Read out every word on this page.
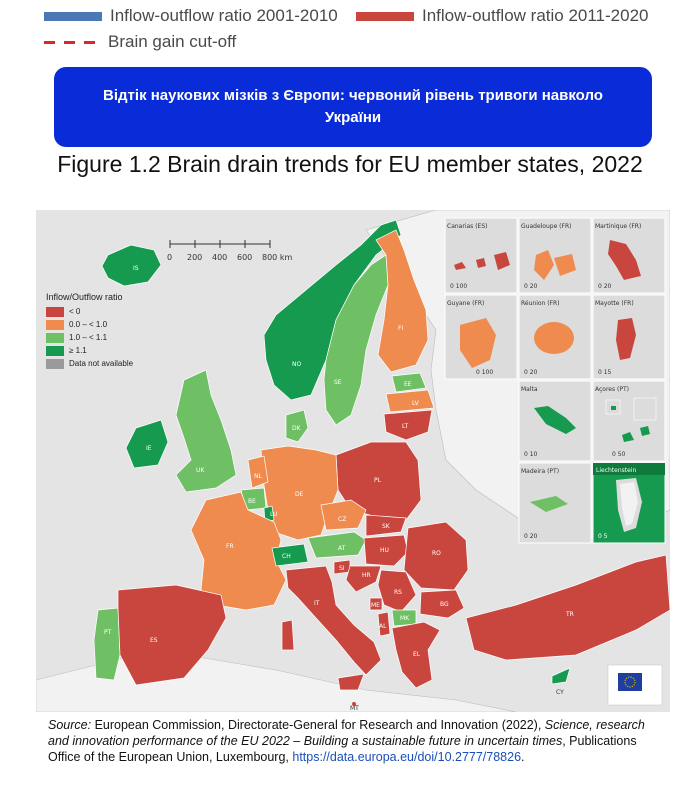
Inflow-outflow ratio 2001-2010	Inflow-outflow ratio 2011-2020
Brain gain cut-off
Відтік наукових мізків з Європи: червоний рівень тривоги навколо України
Figure 1.2 Brain drain trends for EU member states, 2022
IS
NO
SE
FI
EE
LV
LT
DK
IE
UK
PL
DE
NL
BE
LU
CZ
SK
FR
CH
AT	HU	RO
SI
HR
RS
BG
ME
AL
MK
EL
TR
PT
ES
IT
MT
CY
0 200 400 600 800 km
Canarias (ES)
0 100
Guadeloupe (FR)
0 20
Martinique (FR)
0 20
Guyane (FR)
0 100
Réunion (FR)
0 20
Mayotte (FR)
0 15
Malta
0 10
Açores (PT)
0 50
Madeira (PT)
0 20
Liechtenstein
0 5
Inflow/Outflow ratio
< 0
0.0 – < 1.0
1.0 – < 1.1
≥ 1.1
Data not available
Source: European Commission, Directorate-General for Research and Innovation (2022), Science, research and innovation performance of the EU 2022 – Building a sustainable future in uncertain times, Publications Office of the European Union, Luxembourg, https://data.europa.eu/doi/10.2777/78826.
